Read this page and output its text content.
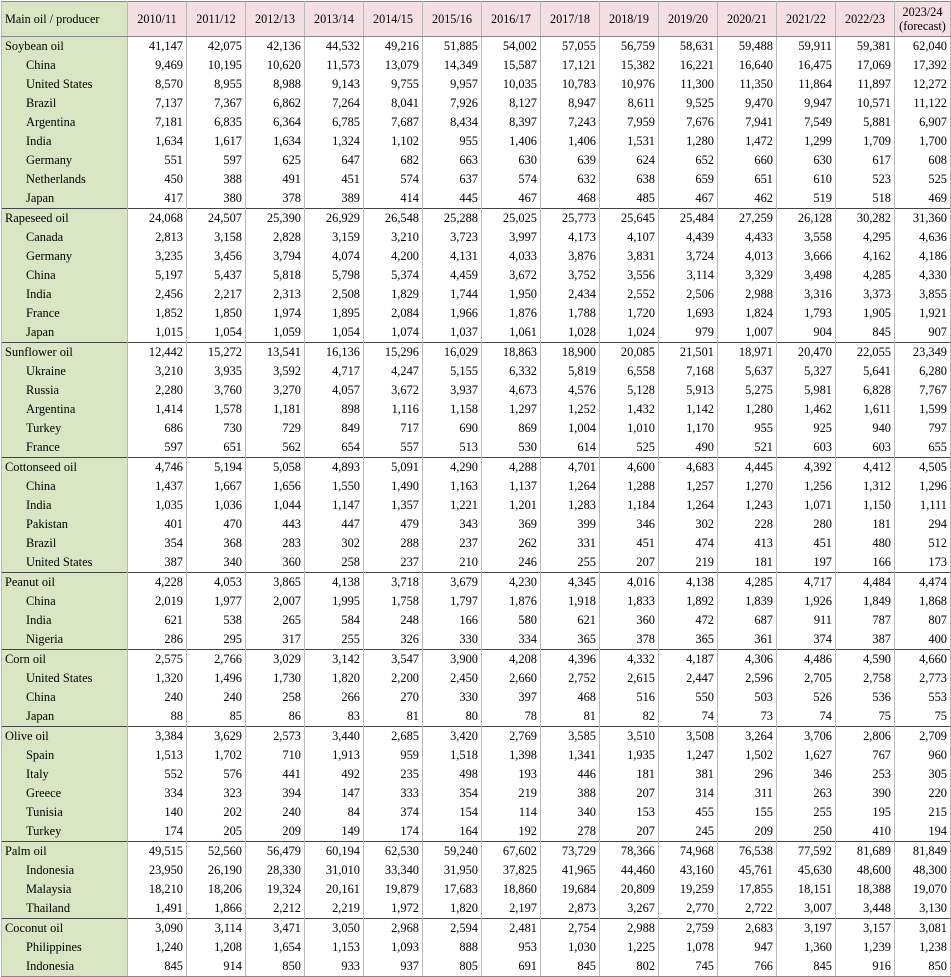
Main oil / producer	2010/11	2011/12	2012/13	2013/14	2014/15	2015/16	2016/17	2017/18	2018/19	2019/20	2020/21	2021/22	2022/23	2023/24
(forecast)
Soybean oil	41,147	42,075	42,136	44,532	49,216	51,885	54,002	57,055	56,759	58,631	59,488	59,911	59,381	62,040
China	9,469	10,195	10,620	11,573	13,079	14,349	15,587	17,121	15,382	16,221	16,640	16,475	17,069	17,392
United States	8,570	8,955	8,988	9,143	9,755	9,957	10,035	10,783	10,976	11,300	11,350	11,864	11,897	12,272
Brazil	7,137	7,367	6,862	7,264	8,041	7,926	8,127	8,947	8,611	9,525	9,470	9,947	10,571	11,122
Argentina	7,181	6,835	6,364	6,785	7,687	8,434	8,397	7,243	7,959	7,676	7,941	7,549	5,881	6,907
India	1,634	1,617	1,634	1,324	1,102	955	1,406	1,406	1,531	1,280	1,472	1,299	1,709	1,700
Germany	551	597	625	647	682	663	630	639	624	652	660	630	617	608
Netherlands	450	388	491	451	574	637	574	632	638	659	651	610	523	525
Japan	417	380	378	389	414	445	467	468	485	467	462	519	518	469
Rapeseed oil	24,068	24,507	25,390	26,929	26,548	25,288	25,025	25,773	25,645	25,484	27,259	26,128	30,282	31,360
Canada	2,813	3,158	2,828	3,159	3,210	3,723	3,997	4,173	4,107	4,439	4,433	3,558	4,295	4,636
Germany	3,235	3,456	3,794	4,074	4,200	4,131	4,033	3,876	3,831	3,724	4,013	3,666	4,162	4,186
China	5,197	5,437	5,818	5,798	5,374	4,459	3,672	3,752	3,556	3,114	3,329	3,498	4,285	4,330
India	2,456	2,217	2,313	2,508	1,829	1,744	1,950	2,434	2,552	2,506	2,988	3,316	3,373	3,855
France	1,852	1,850	1,974	1,895	2,084	1,966	1,876	1,788	1,720	1,693	1,824	1,793	1,905	1,921
Japan	1,015	1,054	1,059	1,054	1,074	1,037	1,061	1,028	1,024	979	1,007	904	845	907
Sunflower oil	12,442	15,272	13,541	16,136	15,296	16,029	18,863	18,900	20,085	21,501	18,971	20,470	22,055	23,349
Ukraine	3,210	3,935	3,592	4,717	4,247	5,155	6,332	5,819	6,558	7,168	5,637	5,327	5,641	6,280
Russia	2,280	3,760	3,270	4,057	3,672	3,937	4,673	4,576	5,128	5,913	5,275	5,981	6,828	7,767
Argentina	1,414	1,578	1,181	898	1,116	1,158	1,297	1,252	1,432	1,142	1,280	1,462	1,611	1,599
Turkey	686	730	729	849	717	690	869	1,004	1,010	1,170	955	925	940	797
France	597	651	562	654	557	513	530	614	525	490	521	603	603	655
Cottonseed oil	4,746	5,194	5,058	4,893	5,091	4,290	4,288	4,701	4,600	4,683	4,445	4,392	4,412	4,505
China	1,437	1,667	1,656	1,550	1,490	1,163	1,137	1,264	1,288	1,257	1,270	1,256	1,312	1,296
India	1,035	1,036	1,044	1,147	1,357	1,221	1,201	1,283	1,184	1,264	1,243	1,071	1,150	1,111
Pakistan	401	470	443	447	479	343	369	399	346	302	228	280	181	294
Brazil	354	368	283	302	288	237	262	331	451	474	413	451	480	512
United States	387	340	360	258	237	210	246	255	207	219	181	197	166	173
Peanut oil	4,228	4,053	3,865	4,138	3,718	3,679	4,230	4,345	4,016	4,138	4,285	4,717	4,484	4,474
China	2,019	1,977	2,007	1,995	1,758	1,797	1,876	1,918	1,833	1,892	1,839	1,926	1,849	1,868
India	621	538	265	584	248	166	580	621	360	472	687	911	787	807
Nigeria	286	295	317	255	326	330	334	365	378	365	361	374	387	400
Corn oil	2,575	2,766	3,029	3,142	3,547	3,900	4,208	4,396	4,332	4,187	4,306	4,486	4,590	4,660
United States	1,320	1,496	1,730	1,820	2,200	2,450	2,660	2,752	2,615	2,447	2,596	2,705	2,758	2,773
China	240	240	258	266	270	330	397	468	516	550	503	526	536	553
Japan	88	85	86	83	81	80	78	81	82	74	73	74	75	75
Olive oil	3,384	3,629	2,573	3,440	2,685	3,420	2,769	3,585	3,510	3,508	3,264	3,706	2,806	2,709
Spain	1,513	1,702	710	1,913	959	1,518	1,398	1,341	1,935	1,247	1,502	1,627	767	960
Italy	552	576	441	492	235	498	193	446	181	381	296	346	253	305
Greece	334	323	394	147	333	354	219	388	207	314	311	263	390	220
Tunisia	140	202	240	84	374	154	114	340	153	455	155	255	195	215
Turkey	174	205	209	149	174	164	192	278	207	245	209	250	410	194
Palm oil	49,515	52,560	56,479	60,194	62,530	59,240	67,602	73,729	78,366	74,968	76,538	77,592	81,689	81,849
Indonesia	23,950	26,190	28,330	31,010	33,340	31,950	37,825	41,965	44,460	43,160	45,761	45,630	48,600	48,300
Malaysia	18,210	18,206	19,324	20,161	19,879	17,683	18,860	19,684	20,809	19,259	17,855	18,151	18,388	19,070
Thailand	1,491	1,866	2,212	2,219	1,972	1,820	2,197	2,873	3,267	2,770	2,722	3,007	3,448	3,130
Coconut oil	3,090	3,114	3,471	3,050	2,968	2,594	2,481	2,754	2,988	2,759	2,683	3,197	3,157	3,081
Philippines	1,240	1,208	1,654	1,153	1,093	888	953	1,030	1,225	1,078	947	1,360	1,239	1,238
Indonesia	845	914	850	933	937	805	691	845	802	745	766	845	916	850
